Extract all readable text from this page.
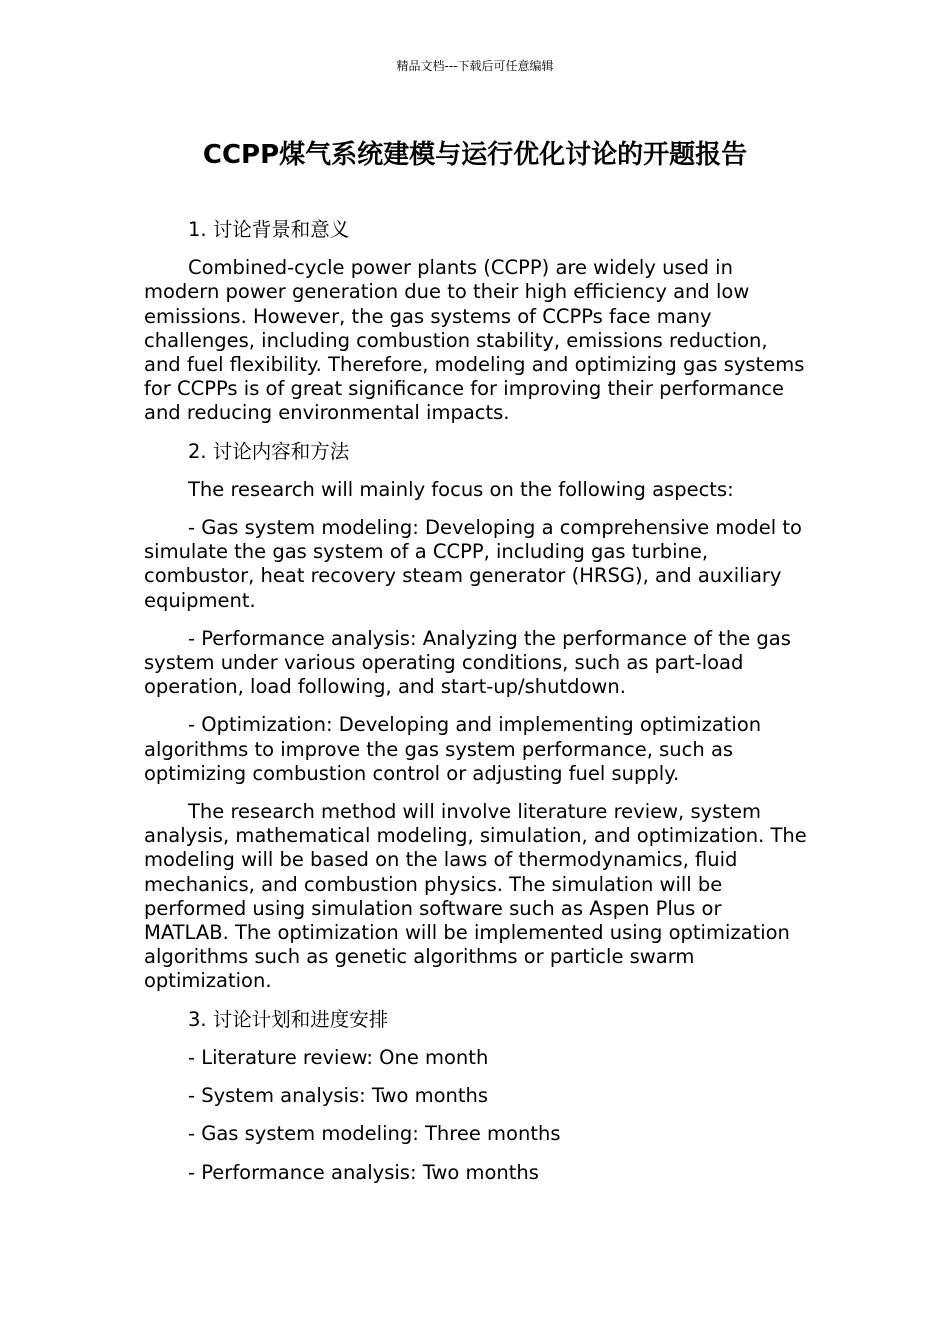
精品文档---下载后可任意编辑
CCPP煤气系统建模与运行优化讨论的开题报告

1. 讨论背景和意义

Combined-cycle power plants (CCPP) are widely used in modern power generation due to their high efficiency and low emissions. However, the gas systems of CCPPs face many challenges, including combustion stability, emissions reduction, and fuel flexibility. Therefore, modeling and optimizing gas systems for CCPPs is of great significance for improving their performance and reducing environmental impacts.

2. 讨论内容和方法

The research will mainly focus on the following aspects:

- Gas system modeling: Developing a comprehensive model to simulate the gas system of a CCPP, including gas turbine, combustor, heat recovery steam generator (HRSG), and auxiliary equipment.

- Performance analysis: Analyzing the performance of the gas system under various operating conditions, such as part-load operation, load following, and start-up/shutdown.

- Optimization: Developing and implementing optimization algorithms to improve the gas system performance, such as optimizing combustion control or adjusting fuel supply.

The research method will involve literature review, system analysis, mathematical modeling, simulation, and optimization. The modeling will be based on the laws of thermodynamics, fluid mechanics, and combustion physics. The simulation will be performed using simulation software such as Aspen Plus or MATLAB. The optimization will be implemented using optimization algorithms such as genetic algorithms or particle swarm optimization.

3. 讨论计划和进度安排

- Literature review: One month

- System analysis: Two months

- Gas system modeling: Three months

- Performance analysis: Two months
